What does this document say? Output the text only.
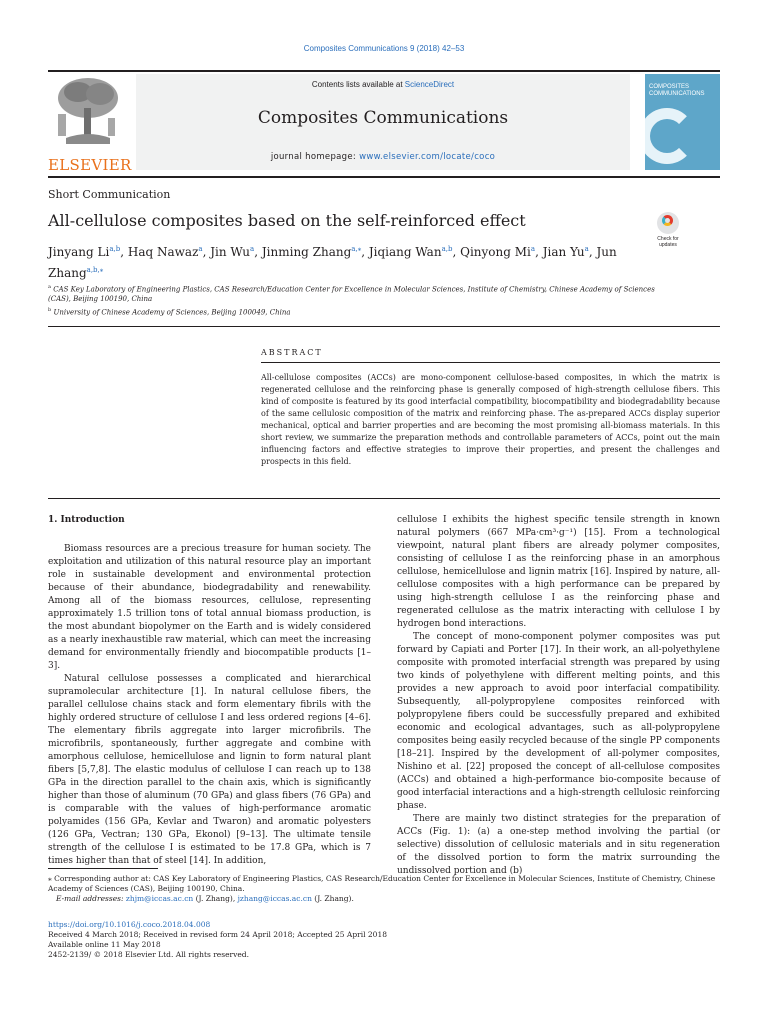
Composites Communications 9 (2018) 42–53
ELSEVIER
Contents lists available at ScienceDirect
Composites Communications
journal homepage: www.elsevier.com/locate/coco
COMPOSITES
COMMUNICATIONS
Short Communication
All-cellulose composites based on the self-reinforced effect
Check for
updates
Jinyang Li$^{a,b}$, Haq Nawaz$^a$, Jin Wu$^a$, Jinming Zhang$^{a,⁎}$, Jiqiang Wan$^{a,b}$, Qinyong Mi$^a$, Jian Yu$^a$, Jun Zhang$^{a,b,⁎}$
$^a$ CAS Key Laboratory of Engineering Plastics, CAS Research/Education Center for Excellence in Molecular Sciences, Institute of Chemistry, Chinese Academy of Sciences (CAS), Beijing 100190, China
$^b$ University of Chinese Academy of Sciences, Beijing 100049, China
ABSTRACT
All-cellulose composites (ACCs) are mono-component cellulose-based composites, in which the matrix is regenerated cellulose and the reinforcing phase is generally composed of high-strength cellulose fibers. This kind of composite is featured by its good interfacial compatibility, biocompatibility and biodegradability because of the same cellulosic composition of the matrix and reinforcing phase. The as-prepared ACCs display superior mechanical, optical and barrier properties and are becoming the most promising all-biomass materials. In this short review, we summarize the preparation methods and controllable parameters of ACCs, point out the main influencing factors and effective strategies to improve their properties, and present the challenges and prospects in this field.
1. Introduction

Biomass resources are a precious treasure for human society. The exploitation and utilization of this natural resource play an important role in sustainable development and environmental protection because of their abundance, biodegradability and renewability. Among all of the biomass resources, cellulose, representing approximately 1.5 trillion tons of total annual biomass production, is the most abundant biopolymer on the Earth and is widely considered as a nearly inexhaustible raw material, which can meet the increasing demand for environmentally friendly and biocompatible products [1–3].

Natural cellulose possesses a complicated and hierarchical supramolecular architecture [1]. In natural cellulose fibers, the parallel cellulose chains stack and form elementary fibrils with the highly ordered structure of cellulose I and less ordered regions [4–6]. The elementary fibrils aggregate into larger microfibrils. The microfibrils, spontaneously, further aggregate and combine with amorphous cellulose, hemicellulose and lignin to form natural plant fibers [5,7,8]. The elastic modulus of cellulose I can reach up to 138 GPa in the direction parallel to the chain axis, which is significantly higher than those of aluminum (70 GPa) and glass fibers (76 GPa) and is comparable with the values of high-performance aromatic polyamides (156 GPa, Kevlar and Twaron) and aromatic polyesters (126 GPa, Vectran; 130 GPa, Ekonol) [9–13]. The ultimate tensile strength of the cellulose I is estimated to be 17.8 GPa, which is 7 times higher than that of steel [14]. In addition,

cellulose I exhibits the highest specific tensile strength in known natural polymers (667 MPa·cm³·g⁻¹) [15]. From a technological viewpoint, natural plant fibers are already polymer composites, consisting of cellulose I as the reinforcing phase in an amorphous cellulose, hemicellulose and lignin matrix [16]. Inspired by nature, all-cellulose composites with a high performance can be prepared by using high-strength cellulose I as the reinforcing phase and regenerated cellulose as the matrix interacting with cellulose I by hydrogen bond interactions.

The concept of mono-component polymer composites was put forward by Capiati and Porter [17]. In their work, an all-polyethylene composite with promoted interfacial strength was prepared by using two kinds of polyethylene with different melting points, and this provides a new approach to avoid poor interfacial compatibility. Subsequently, all-polypropylene composites reinforced with polypropylene fibers could be successfully prepared and exhibited economic and ecological advantages, such as all-polypropylene composites being easily recycled because of the single PP components [18–21]. Inspired by the development of all-polymer composites, Nishino et al. [22] proposed the concept of all-cellulose composites (ACCs) and obtained a high-performance bio-composite because of good interfacial interactions and a high-strength cellulosic reinforcing phase.

There are mainly two distinct strategies for the preparation of ACCs (Fig. 1): (a) a one-step method involving the partial (or selective) dissolution of cellulosic materials and in situ regeneration of the dissolved portion to form the matrix surrounding the undissolved portion and (b)

⁎ Corresponding author at: CAS Key Laboratory of Engineering Plastics, CAS Research/Education Center for Excellence in Molecular Sciences, Institute of Chemistry, Chinese Academy of Sciences (CAS), Beijing 100190, China.
E-mail addresses: zhjm@iccas.ac.cn (J. Zhang), jzhang@iccas.ac.cn (J. Zhang).
https://doi.org/10.1016/j.coco.2018.04.008
Received 4 March 2018; Received in revised form 24 April 2018; Accepted 25 April 2018
Available online 11 May 2018
2452-2139/ © 2018 Elsevier Ltd. All rights reserved.
